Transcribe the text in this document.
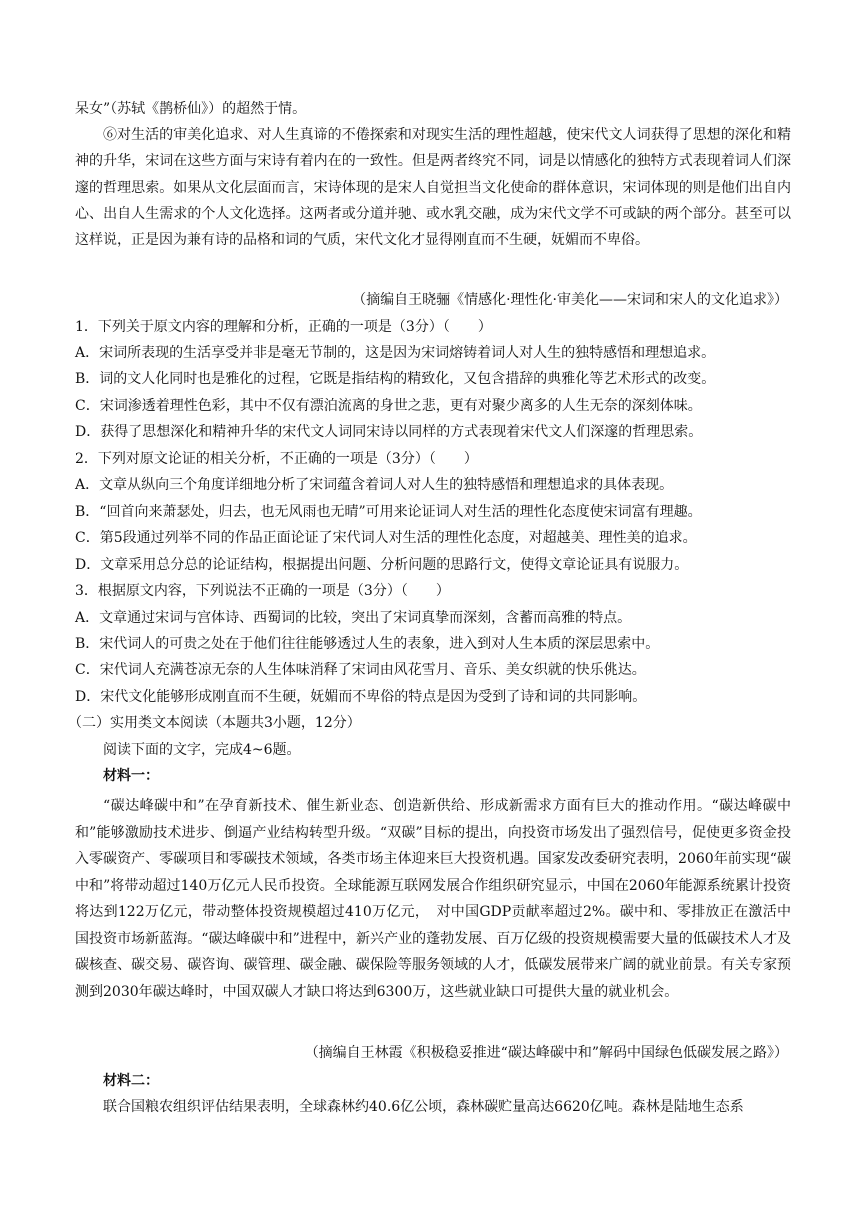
呆女”（苏轼《鹊桥仙》）的超然于情。
⑥对生活的审美化追求、对人生真谛的不倦探索和对现实生活的理性超越，使宋代文人词获得了思想的深化和精神的升华，宋词在这些方面与宋诗有着内在的一致性。但是两者终究不同，词是以情感化的独特方式表现着词人们深邃的哲理思索。如果从文化层面而言，宋诗体现的是宋人自觉担当文化使命的群体意识，宋词体现的则是他们出自内心、出自人生需求的个人文化选择。这两者或分道并驰、或水乳交融，成为宋代文学不可或缺的两个部分。甚至可以这样说，正是因为兼有诗的品格和词的气质，宋代文化才显得刚直而不生硬，妩媚而不卑俗。
（摘编自王晓骊《情感化·理性化·审美化——宋词和宋人的文化追求》）
1．下列关于原文内容的理解和分析，正确的一项是（3分）（　　）
A．宋词所表现的生活享受并非是毫无节制的，这是因为宋词熔铸着词人对人生的独特感悟和理想追求。
B．词的文人化同时也是雅化的过程，它既是指结构的精致化，又包含措辞的典雅化等艺术形式的改变。
C．宋词渗透着理性色彩，其中不仅有漂泊流离的身世之悲，更有对聚少离多的人生无奈的深刻体味。
D．获得了思想深化和精神升华的宋代文人词同宋诗以同样的方式表现着宋代文人们深邃的哲理思索。
2．下列对原文论证的相关分析，不正确的一项是（3分）（　　）
A．文章从纵向三个角度详细地分析了宋词蕴含着词人对人生的独特感悟和理想追求的具体表现。
B．“回首向来萧瑟处，归去，也无风雨也无晴”可用来论证词人对生活的理性化态度使宋词富有理趣。
C．第5段通过列举不同的作品正面论证了宋代词人对生活的理性化态度，对超越美、理性美的追求。
D．文章采用总分总的论证结构，根据提出问题、分析问题的思路行文，使得文章论证具有说服力。
3．根据原文内容，下列说法不正确的一项是（3分）（　　）
A．文章通过宋词与宫体诗、西蜀词的比较，突出了宋词真挚而深刻，含蓄而高雅的特点。
B．宋代词人的可贵之处在于他们往往能够透过人生的表象，进入到对人生本质的深层思索中。
C．宋代词人充满苍凉无奈的人生体味消释了宋词由风花雪月、音乐、美女织就的快乐佻达。
D．宋代文化能够形成刚直而不生硬，妩媚而不卑俗的特点是因为受到了诗和词的共同影响。
（二）实用类文本阅读（本题共3小题，12分）
阅读下面的文字，完成4~6题。
材料一：
“碳达峰碳中和”在孕育新技术、催生新业态、创造新供给、形成新需求方面有巨大的推动作用。“碳达峰碳中和”能够激励技术进步、倒逼产业结构转型升级。“双碳”目标的提出，向投资市场发出了强烈信号，促使更多资金投入零碳资产、零碳项目和零碳技术领域，各类市场主体迎来巨大投资机遇。国家发改委研究表明，2060年前实现“碳中和”将带动超过140万亿元人民币投资。全球能源互联网发展合作组织研究显示，中国在2060年能源系统累计投资将达到122万亿元，带动整体投资规模超过410万亿元，　对中国GDP贡献率超过2%。碳中和、零排放正在激活中国投资市场新蓝海。“碳达峰碳中和”进程中，新兴产业的蓬勃发展、百万亿级的投资规模需要大量的低碳技术人才及碳核查、碳交易、碳咨询、碳管理、碳金融、碳保险等服务领域的人才，低碳发展带来广阔的就业前景。有关专家预测到2030年碳达峰时，中国双碳人才缺口将达到6300万，这些就业缺口可提供大量的就业机会。
（摘编自王林霞《积极稳妥推进“碳达峰碳中和”解码中国绿色低碳发展之路》）
材料二：
联合国粮农组织评估结果表明，全球森林约40.6亿公顷，森林碳贮量高达6620亿吨。森林是陆地生态系
